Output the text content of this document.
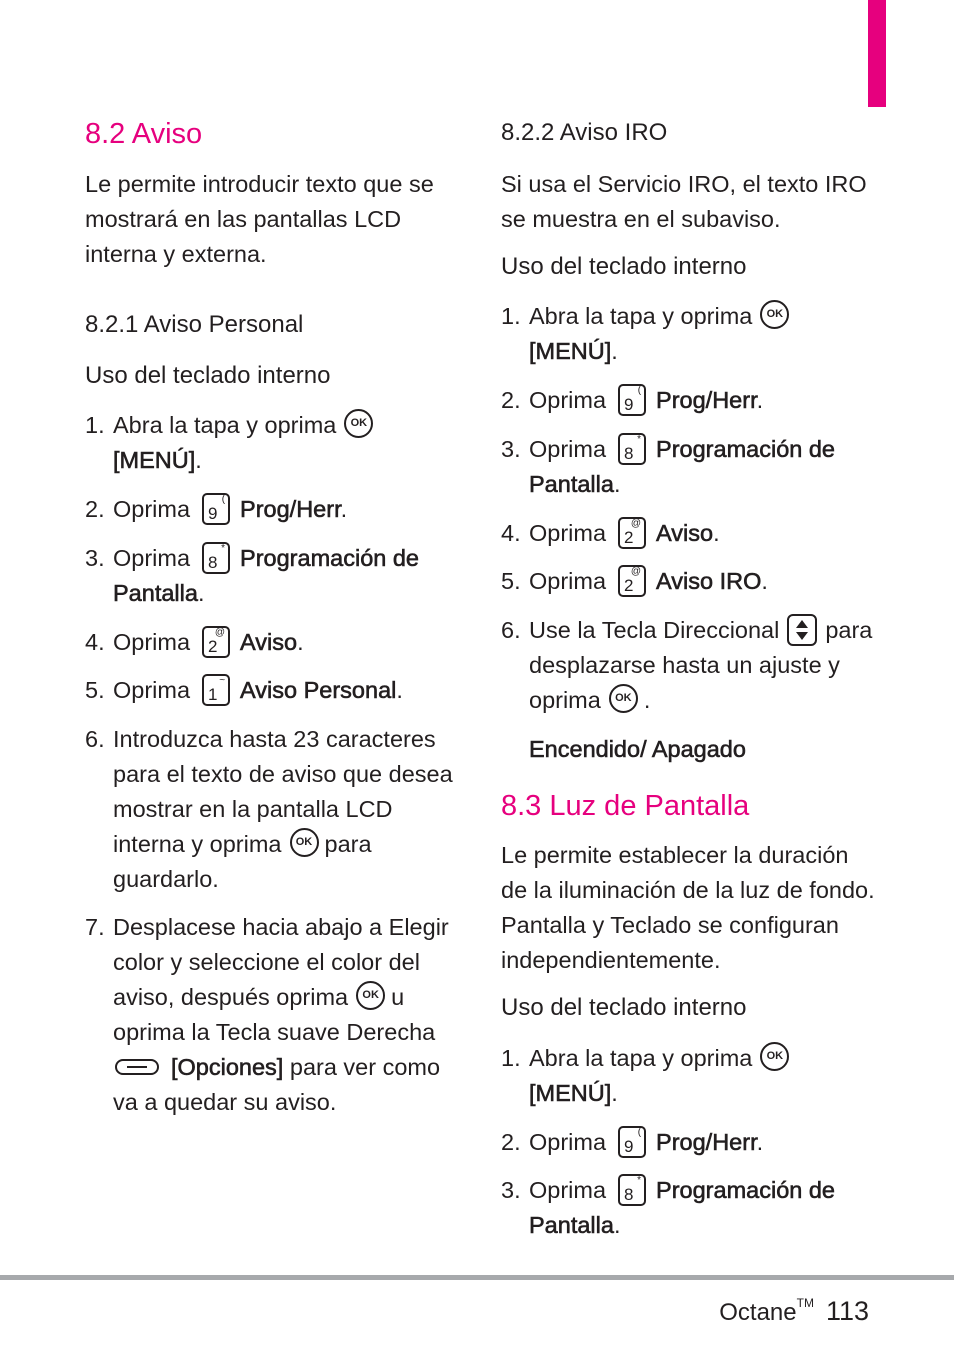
8.2 Aviso
Le permite introducir texto que se
mostrará en las pantallas LCD
interna y externa.
8.2.1 Aviso Personal
Uso del teclado interno
1. Abra la tapa y oprima OK
[MENÚ].
2. Oprima 9
( Prog/Herr.
3. Oprima 8
* Programación de
Pantalla.
4. Oprima 2
@ Aviso.
5. Oprima 1
~ Aviso Personal.
6. Introduzca hasta 23 caracteres
para el texto de aviso que desea
mostrar en la pantalla LCD
interna y oprima OK para
guardarlo.
7. Desplacese hacia abajo a Elegir
color y seleccione el color del
aviso, después oprima OK u
oprima la Tecla suave Derecha
[Opciones] para ver como
va a quedar su aviso.
8.2.2 Aviso IRO
Si usa el Servicio IRO, el texto IRO
se muestra en el subaviso.
Uso del teclado interno
1. Abra la tapa y oprima OK
[MENÚ].
2. Oprima 9
( Prog/Herr.
3. Oprima 8
* Programación de
Pantalla.
4. Oprima 2
@ Aviso.
5. Oprima 2
@ Aviso IRO.
6. Use la Tecla Direccional para
desplazarse hasta un ajuste y
oprima OK .
Encendido/ Apagado
8.3 Luz de Pantalla
Le permite establecer la duración
de la iluminación de la luz de fondo.
Pantalla y Teclado se configuran
independientemente.
Uso del teclado interno
1. Abra la tapa y oprima OK
[MENÚ].
2. Oprima 9
( Prog/Herr.
3. Oprima 8
* Programación de
Pantalla.
Octane™ 113
